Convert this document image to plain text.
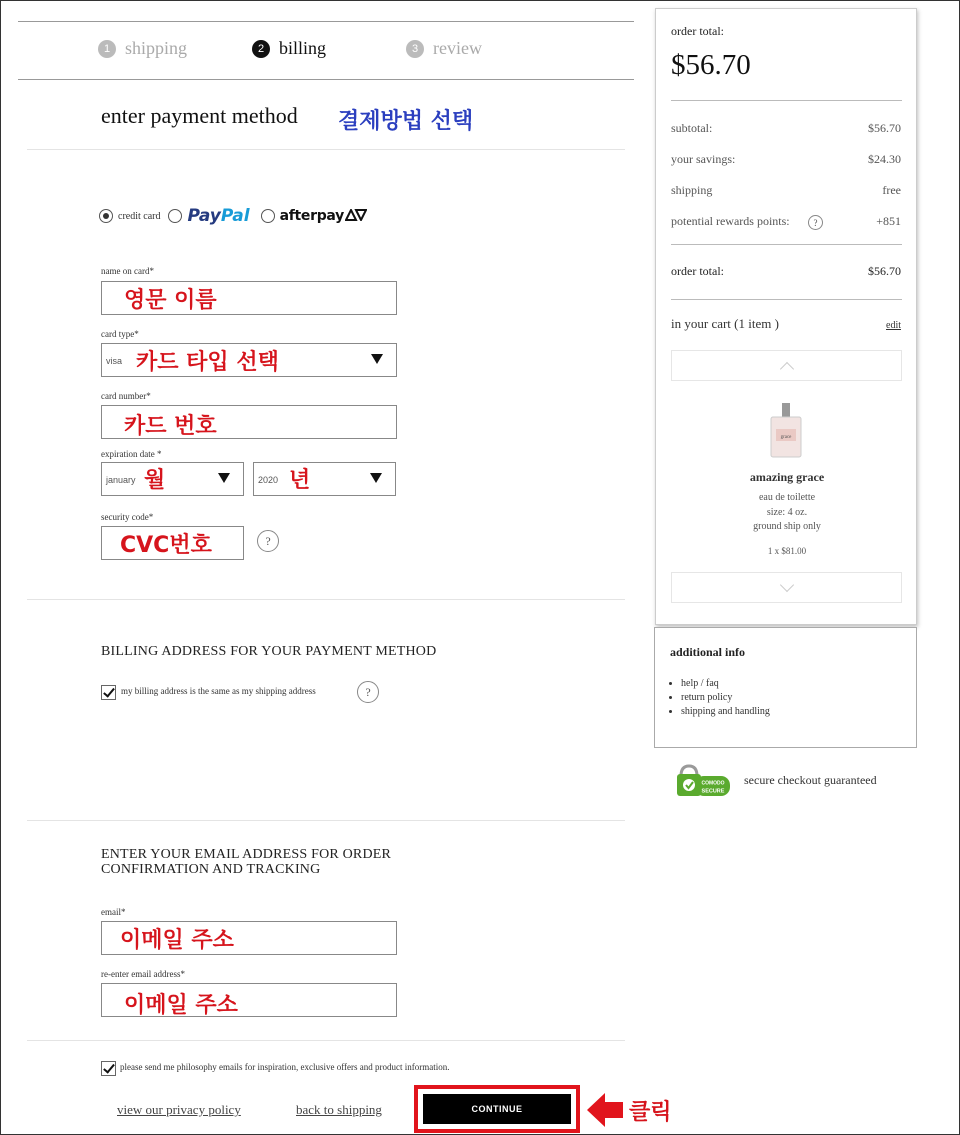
1 shipping	2 billing	3 review
enter payment method 결제방법 선택
credit card PayPal afterpay
name on card*
영문 이름
card type*
visa 카드 타입 선택
card number*
카드 번호
expiration date *
january 월	2020 년
security code*
CVC번호	?
BILLING ADDRESS FOR YOUR PAYMENT METHOD
my billing address is the same as my shipping address	?
ENTER YOUR EMAIL ADDRESS FOR ORDER
CONFIRMATION AND TRACKING
email*
이메일 주소
re-enter email address*
이메일 주소
please send me philosophy emails for inspiration, exclusive offers and product information.
view our privacy policy	back to shipping	CONTINUE	클릭
order total:
$56.70
subtotal:	$56.70
your savings:	$24.30
shipping	free
potential rewards points:	?	+851
order total:	$56.70
in your cart (1 item )	edit
grace
amazing grace
eau de toilette
size: 4 oz.
ground ship only
1 x $81.00
additional info
• help / faq
• return policy
• shipping and handling
COMODO
SECURE
secure checkout guaranteed
